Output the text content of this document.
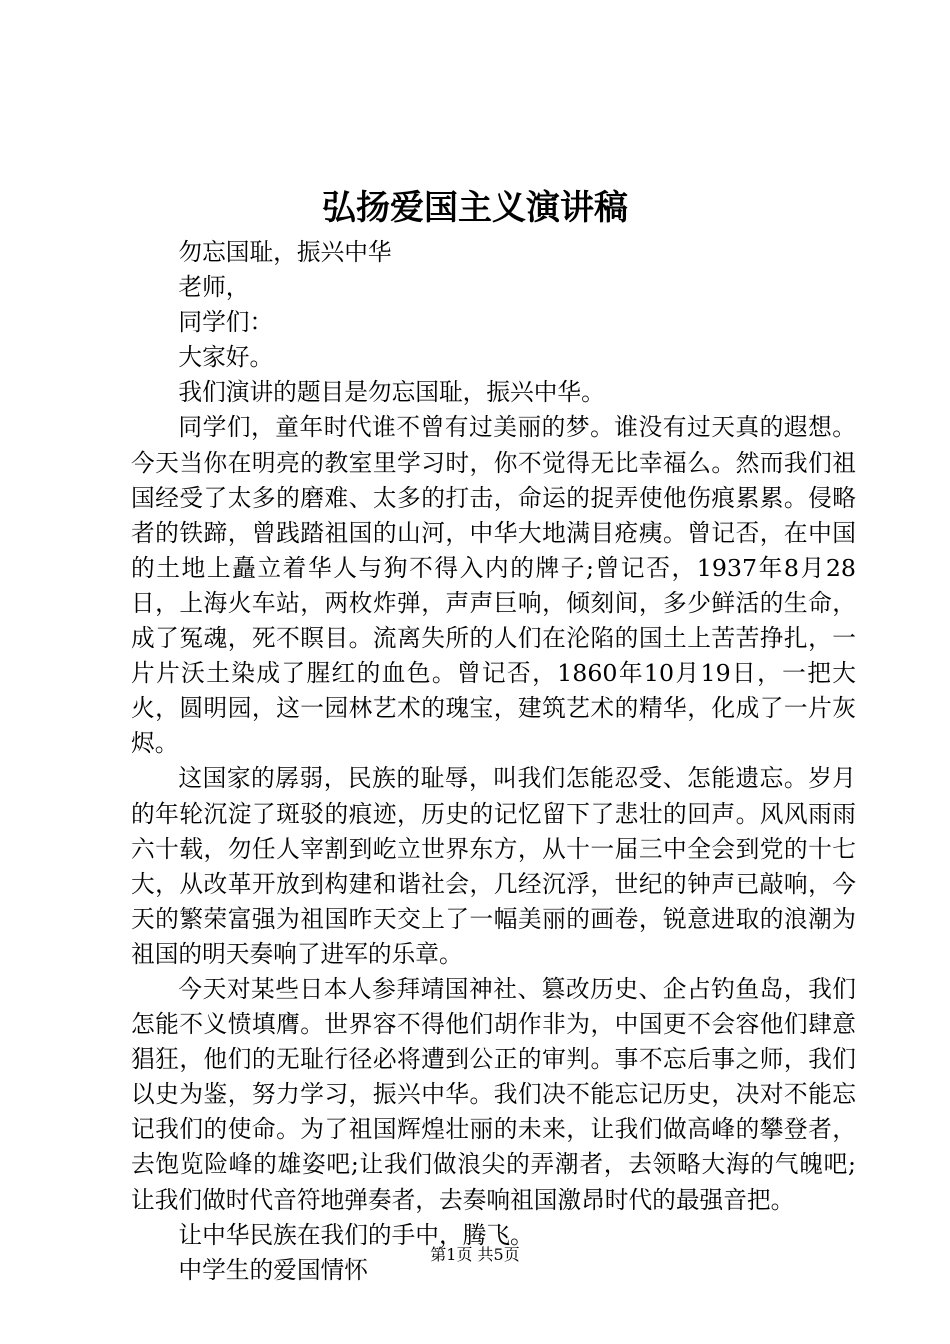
弘扬爱国主义演讲稿

勿忘国耻，振兴中华

老师，

同学们：

大家好。

我们演讲的题目是勿忘国耻，振兴中华。

同学们，童年时代谁不曾有过美丽的梦。谁没有过天真的遐想。今天当你在明亮的教室里学习时，你不觉得无比幸福么。然而我们祖国经受了太多的磨难、太多的打击，命运的捉弄使他伤痕累累。侵略者的铁蹄，曾践踏祖国的山河，中华大地满目疮痍。曾记否，在中国的土地上矗立着华人与狗不得入内的牌子;曾记否，1937年8月28日，上海火车站，两枚炸弹，声声巨响，倾刻间，多少鲜活的生命，成了冤魂，死不瞑目。流离失所的人们在沦陷的国土上苦苦挣扎，一片片沃土染成了腥红的血色。曾记否，1860年10月19日，一把大火，圆明园，这一园林艺术的瑰宝，建筑艺术的精华，化成了一片灰烬。

这国家的孱弱，民族的耻辱，叫我们怎能忍受、怎能遗忘。岁月的年轮沉淀了斑驳的痕迹，历史的记忆留下了悲壮的回声。风风雨雨六十载，勿任人宰割到屹立世界东方，从十一届三中全会到党的十七大，从改革开放到构建和谐社会，几经沉浮，世纪的钟声已敲响，今天的繁荣富强为祖国昨天交上了一幅美丽的画卷，锐意进取的浪潮为祖国的明天奏响了进军的乐章。

今天对某些日本人参拜靖国神社、篡改历史、企占钓鱼岛，我们怎能不义愤填膺。世界容不得他们胡作非为，中国更不会容他们肆意猖狂，他们的无耻行径必将遭到公正的审判。事不忘后事之师，我们以史为鉴，努力学习，振兴中华。我们决不能忘记历史，决对不能忘记我们的使命。为了祖国辉煌壮丽的未来，让我们做高峰的攀登者，去饱览险峰的雄姿吧;让我们做浪尖的弄潮者，去领略大海的气魄吧;让我们做时代音符地弹奏者，去奏响祖国激昂时代的最强音把。

让中华民族在我们的手中，腾飞。

中学生的爱国情怀

第1页 共5页
